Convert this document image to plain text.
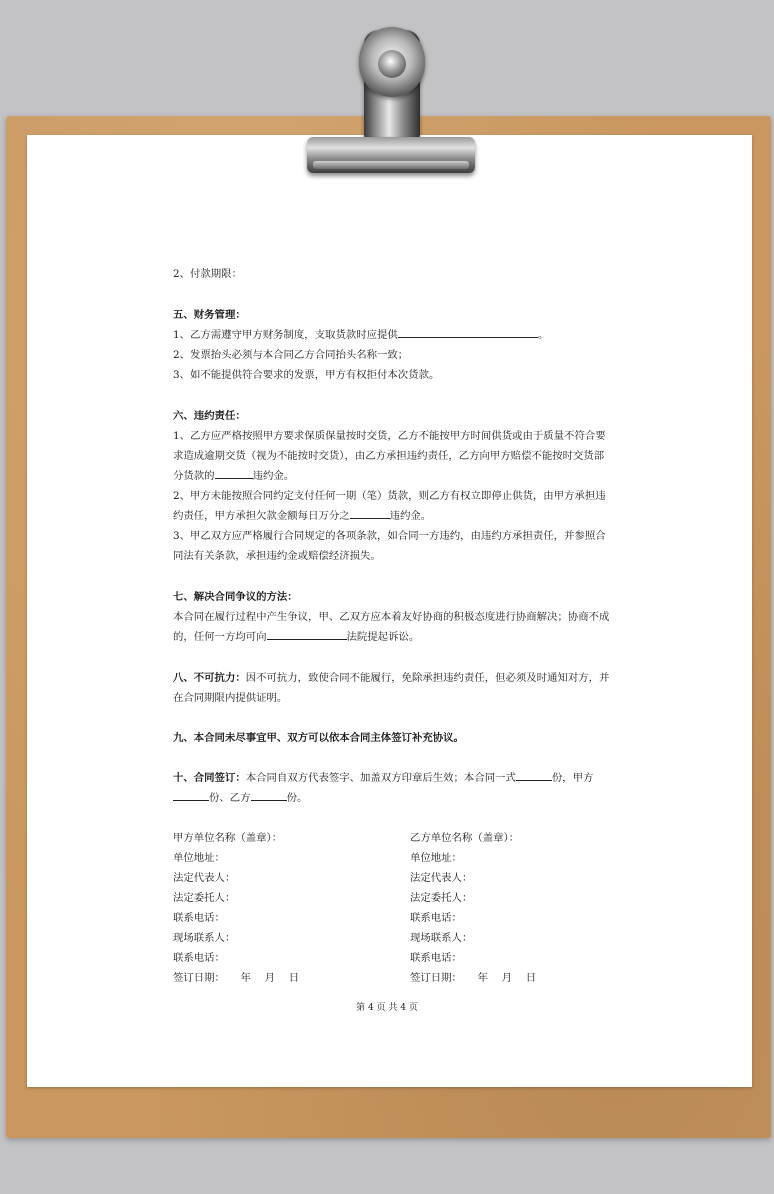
2、付款期限：
五、财务管理：
1、乙方需遵守甲方财务制度，支取货款时应提供	。
2、发票抬头必须与本合同乙方合同抬头名称一致；
3、如不能提供符合要求的发票，甲方有权拒付本次货款。
六、违约责任：
1、乙方应严格按照甲方要求保质保量按时交货，乙方不能按甲方时间供货或由于质量不符合要
求造成逾期交货（视为不能按时交货），由乙方承担违约责任，乙方向甲方赔偿不能按时交货部
分货款的	违约金。
2、甲方未能按照合同约定支付任何一期（笔）货款，则乙方有权立即停止供货，由甲方承担违
约责任，甲方承担欠款金额每日万分之	违约金。
3、甲乙双方应严格履行合同规定的各项条款，如合同一方违约，由违约方承担责任，并参照合
同法有关条款，承担违约金或赔偿经济损失。
七、解决合同争议的方法：
本合同在履行过程中产生争议，甲、乙双方应本着友好协商的积极态度进行协商解决；协商不成
的，任何一方均可向	法院提起诉讼。
八、不可抗力：因不可抗力，致使合同不能履行，免除承担违约责任，但必须及时通知对方，并
在合同期限内提供证明。
九、本合同未尽事宜甲、双方可以依本合同主体签订补充协议。
十、合同签订：本合同自双方代表签字、加盖双方印章后生效；本合同一式	份，甲方
份、乙方	份。
甲方单位名称（盖章）：	乙方单位名称（盖章）：
单位地址：	单位地址：
法定代表人：	法定代表人：
法定委托人：	法定委托人：
联系电话：	联系电话：
现场联系人：	现场联系人：
联系电话：	联系电话：
签订日期：　　年　 月　 日	签订日期：　　年　 月　 日
第 4 页 共 4 页
